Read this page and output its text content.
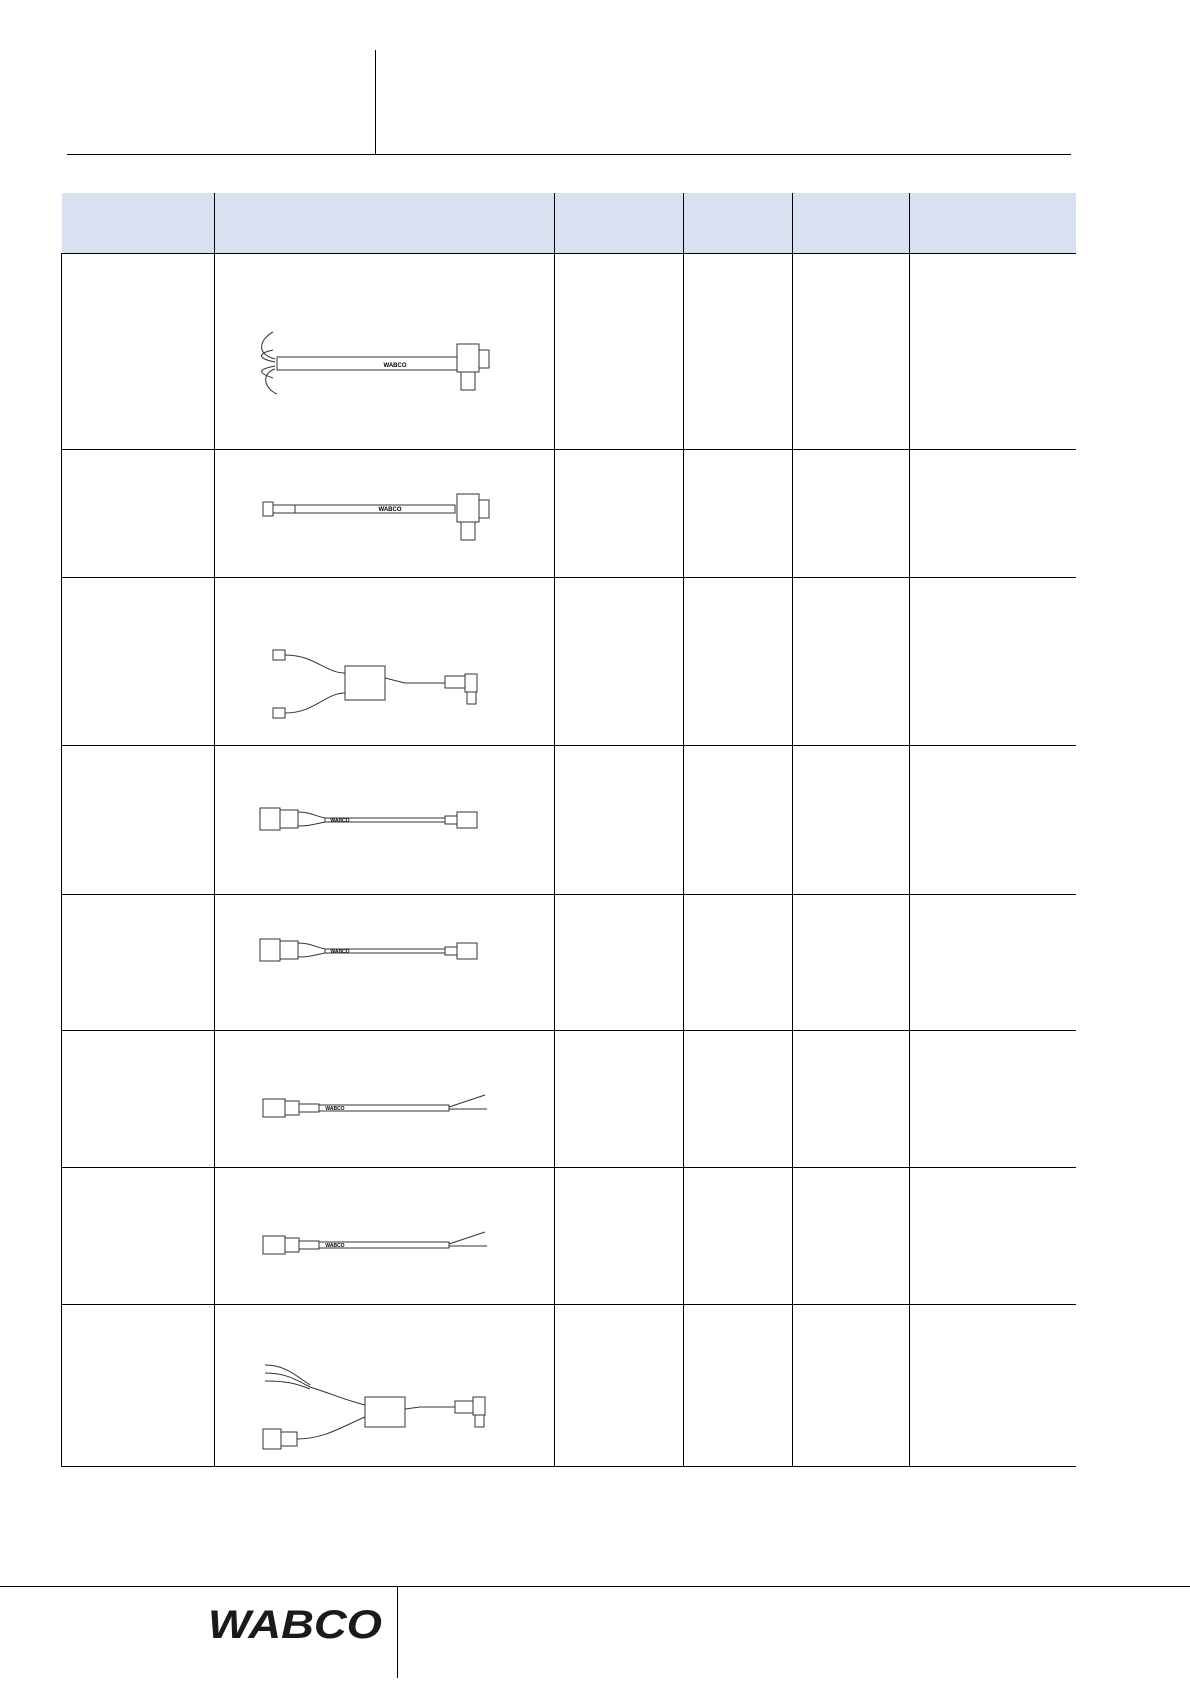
WABCO				

WABCO				

WABCO				

WABCO				

WABCO				

WABCO				

WABCO
